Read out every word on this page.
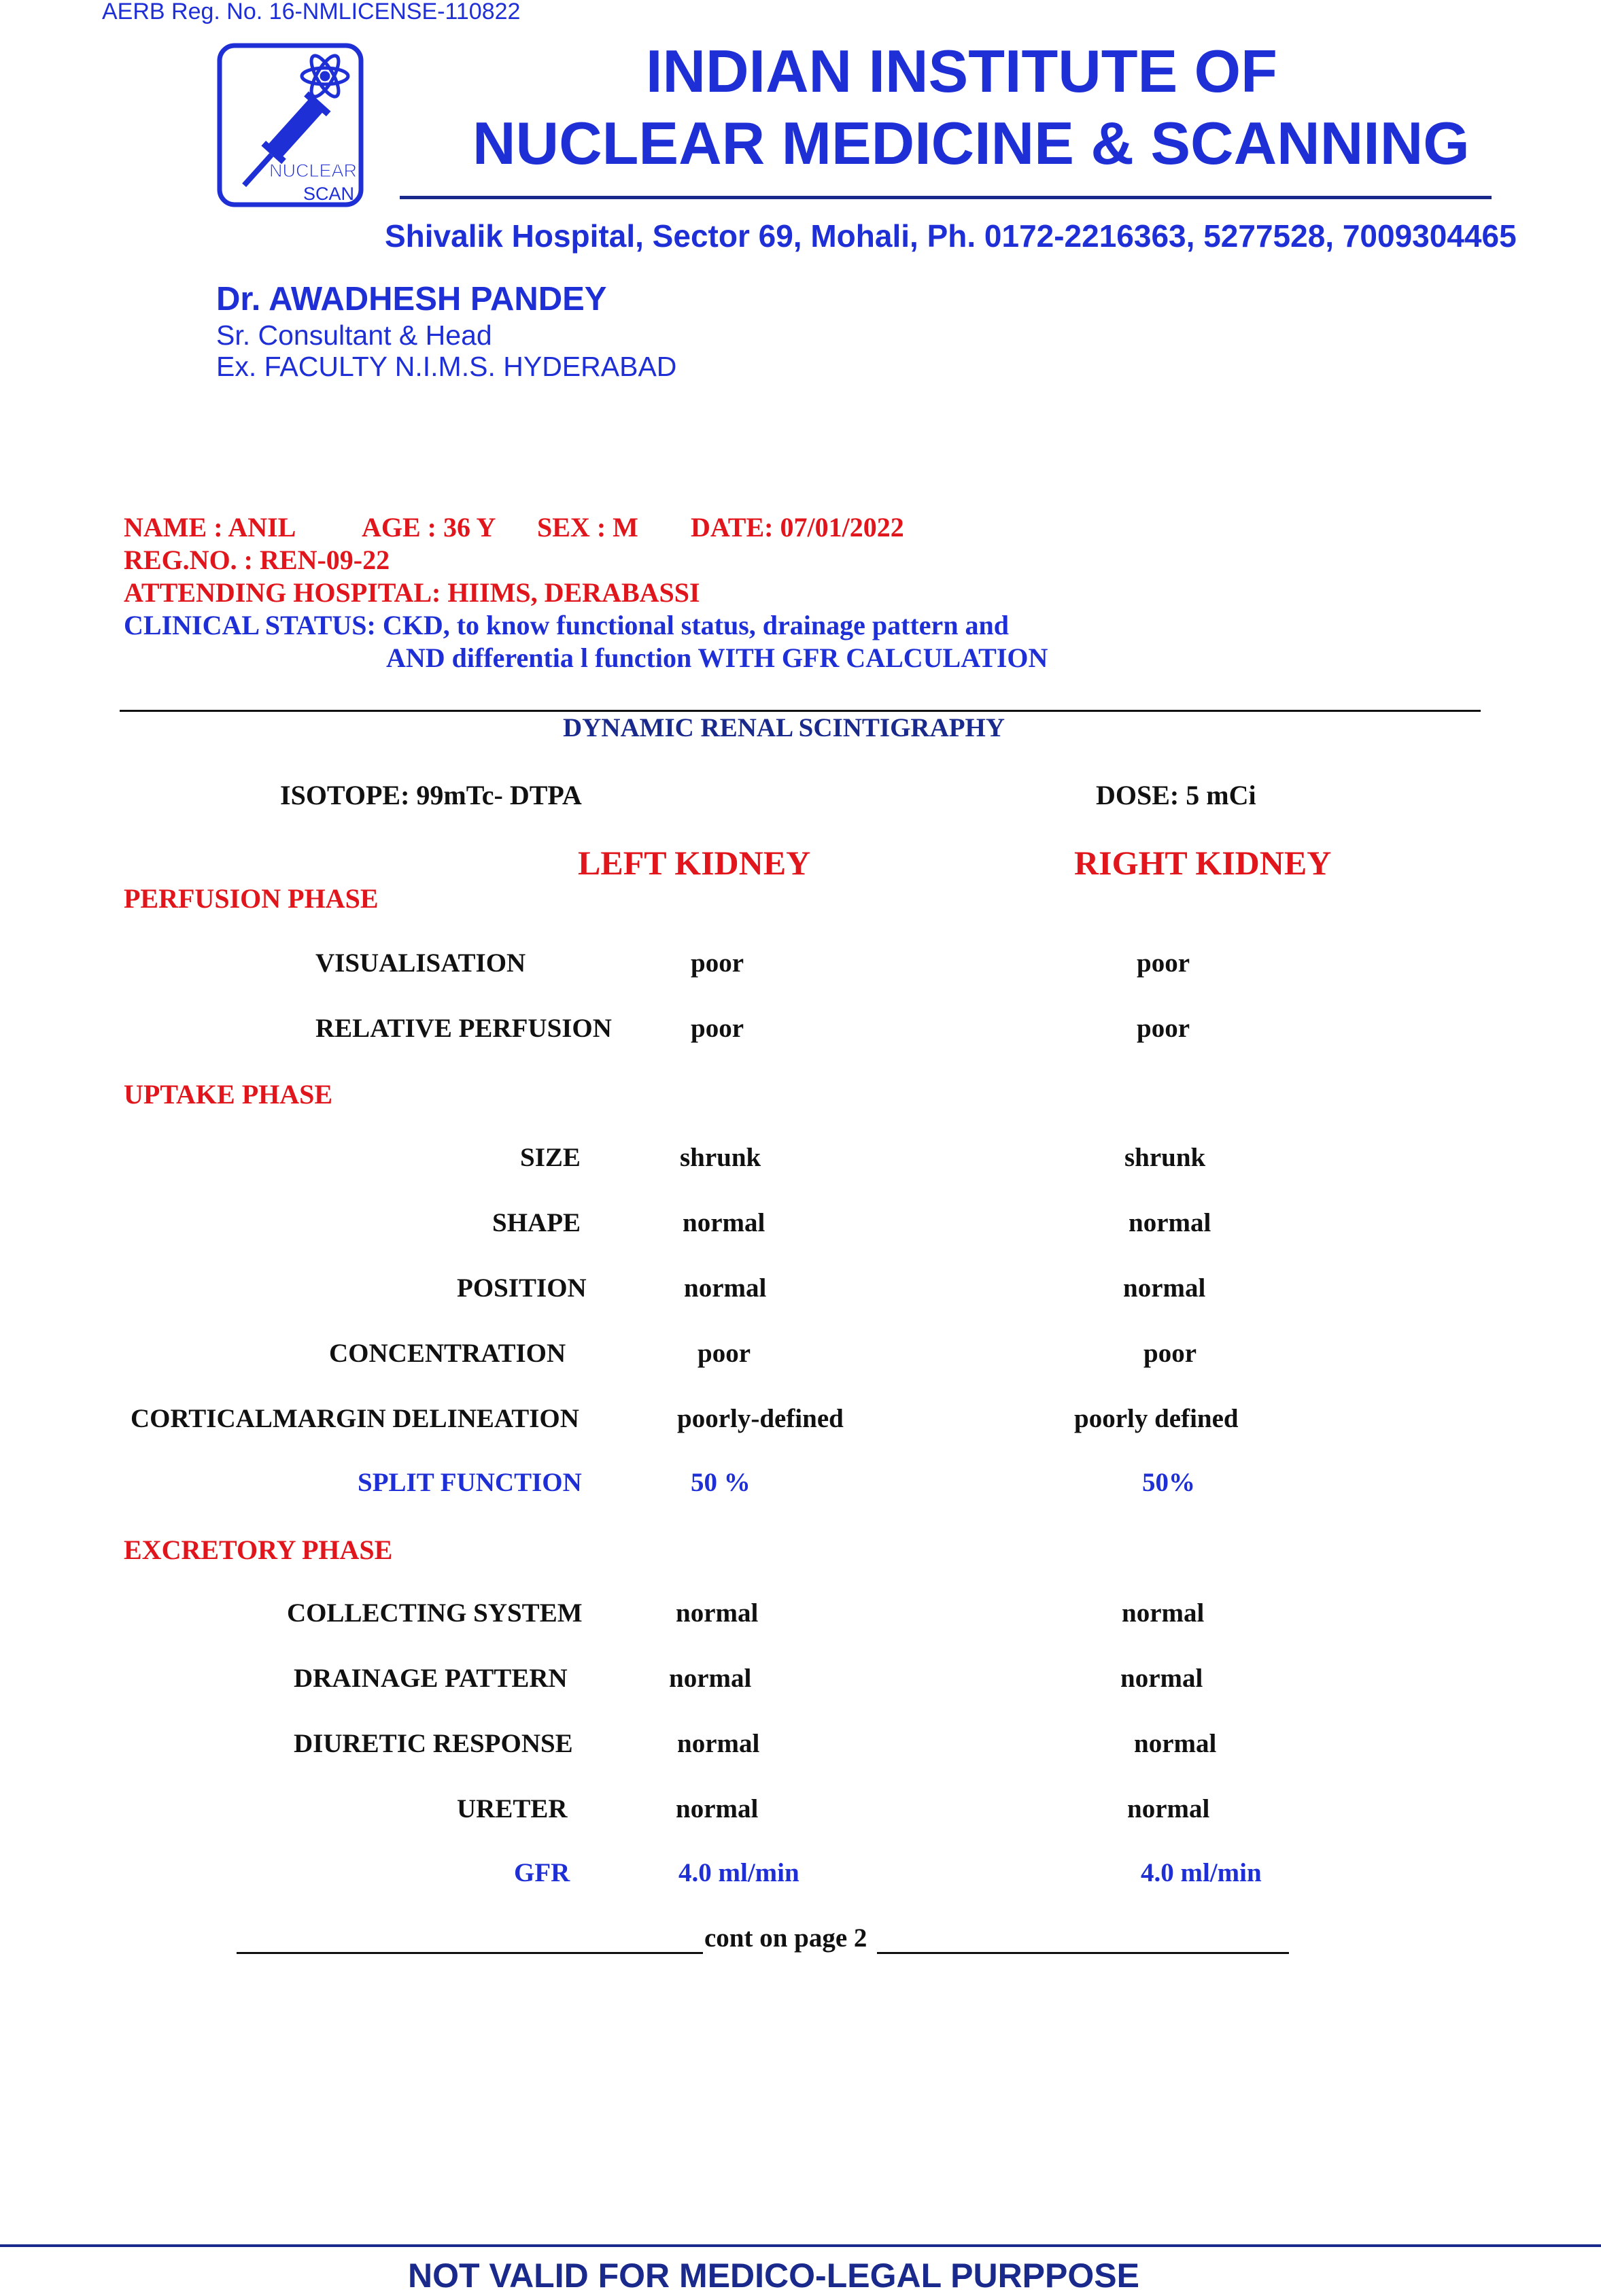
AERB Reg. No. 16-NMLICENSE-110822
NUCLEAR
SCAN
INDIAN INSTITUTE OF
NUCLEAR MEDICINE & SCANNING
Shivalik Hospital, Sector 69, Mohali, Ph. 0172-2216363, 5277528, 7009304465
Dr. AWADHESH PANDEY
Sr. Consultant & Head
Ex. FACULTY N.I.M.S. HYDERABAD
NAME : ANIL AGE : 36 Y SEX : M DATE: 07/01/2022
REG.NO. : REN-09-22
ATTENDING HOSPITAL: HIIMS, DERABASSI
CLINICAL STATUS: CKD, to know functional status, drainage pattern and
AND differentia l function WITH GFR CALCULATION
DYNAMIC RENAL SCINTIGRAPHY
ISOTOPE: 99mTc- DTPA	DOSE: 5 mCi
LEFT KIDNEY	RIGHT KIDNEY
PERFUSION PHASE
VISUALISATION	poor	poor
RELATIVE PERFUSION	poor	poor
UPTAKE PHASE
SIZE	shrunk	shrunk
SHAPE	normal	normal
POSITION	normal	normal
CONCENTRATION	poor	poor
CORTICALMARGIN DELINEATION	poorly-defined	poorly defined
SPLIT FUNCTION	50 %	50%
EXCRETORY PHASE
COLLECTING SYSTEM	normal	normal
DRAINAGE PATTERN	normal	normal
DIURETIC RESPONSE	normal	normal
URETER	normal	normal
GFR	4.0 ml/min	4.0 ml/min
cont on page 2
NOT VALID FOR MEDICO-LEGAL PURPPOSE
